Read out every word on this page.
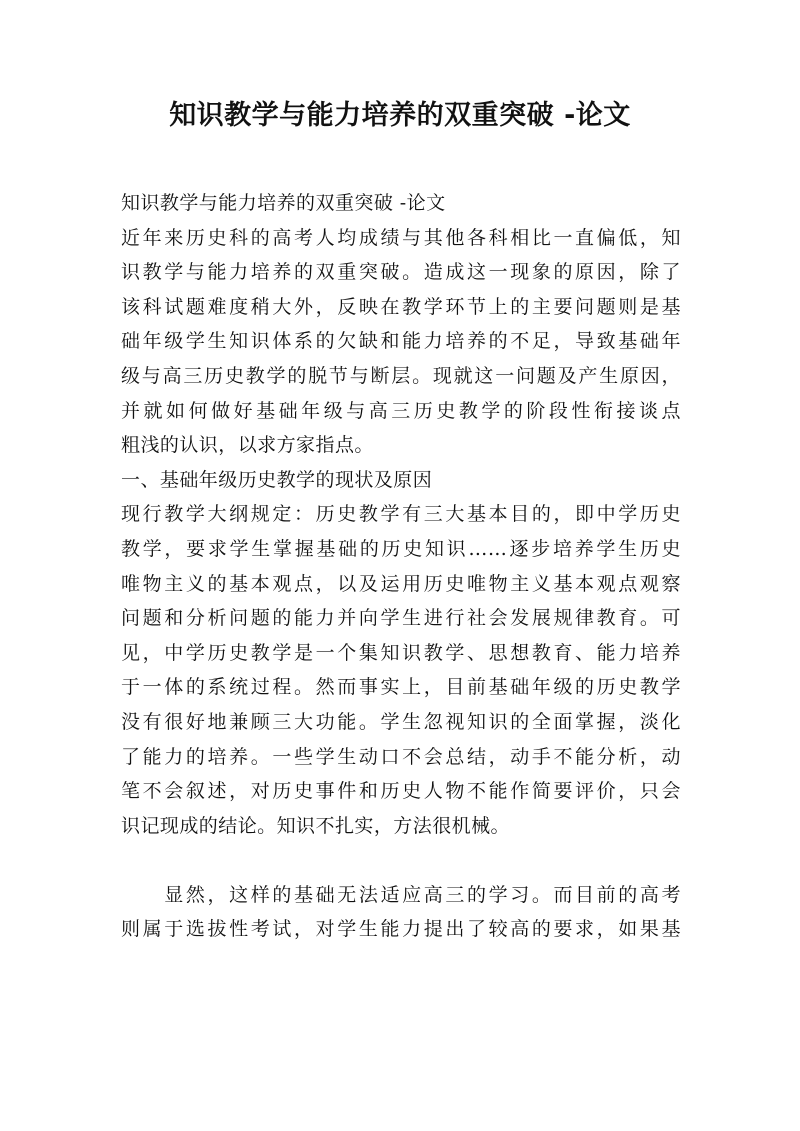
知识教学与能力培养的双重突破 -论文
知识教学与能力培养的双重突破 -论文
近年来历史科的高考人均成绩与其他各科相比一直偏低，知
识教学与能力培养的双重突破。造成这一现象的原因，除了
该科试题难度稍大外，反映在教学环节上的主要问题则是基
础年级学生知识体系的欠缺和能力培养的不足，导致基础年
级与高三历史教学的脱节与断层。现就这一问题及产生原因，
并就如何做好基础年级与高三历史教学的阶段性衔接谈点
粗浅的认识，以求方家指点。
一、基础年级历史教学的现状及原因
现行教学大纲规定：历史教学有三大基本目的，即中学历史
教学，要求学生掌握基础的历史知识……逐步培养学生历史
唯物主义的基本观点，以及运用历史唯物主义基本观点观察
问题和分析问题的能力并向学生进行社会发展规律教育。可
见，中学历史教学是一个集知识教学、思想教育、能力培养
于一体的系统过程。然而事实上，目前基础年级的历史教学
没有很好地兼顾三大功能。学生忽视知识的全面掌握，淡化
了能力的培养。一些学生动口不会总结，动手不能分析，动
笔不会叙述，对历史事件和历史人物不能作简要评价，只会
识记现成的结论。知识不扎实，方法很机械。
　　显然，这样的基础无法适应高三的学习。而目前的高考
则属于选拔性考试，对学生能力提出了较高的要求，如果基
